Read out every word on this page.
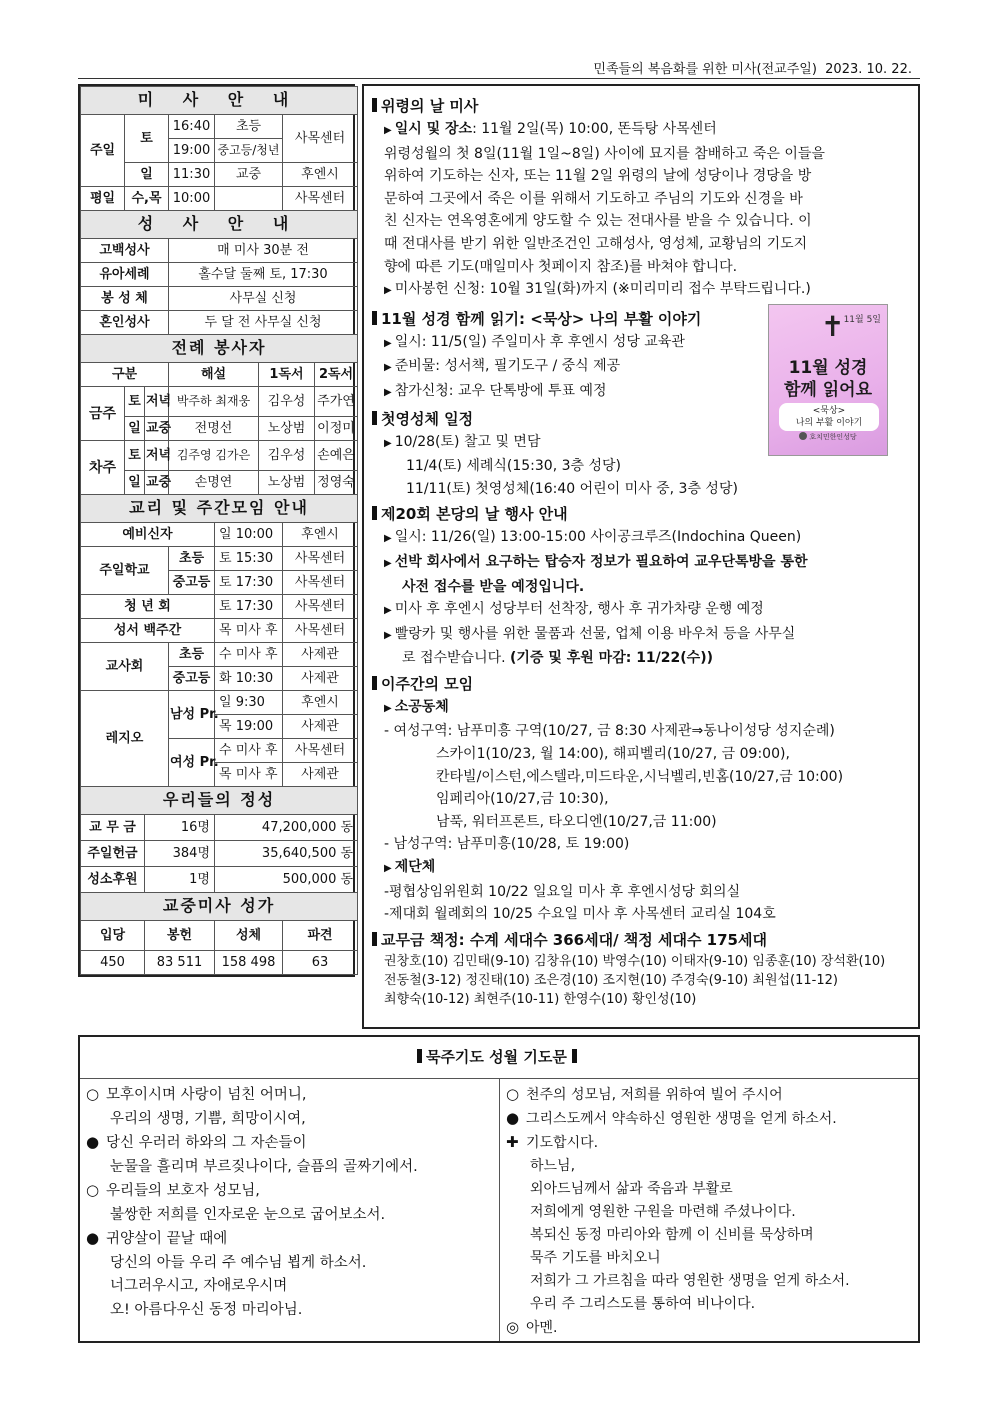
민족들의 복음화를 위한 미사(전교주일) 2023. 10. 22.
미 사 안 내							
주일	토		16:40	초등		사목센터	
			19:00	중고등/청년			
	일		11:30	교중		후엔시	
평일	수,목		10:00			사목센터	
성 사 안 내							
고백성사			매 미사 30분 전				
유아세례			홀수달 둘째 토, 17:30				
봉 성 체			사무실 신청				
혼인성사			두 달 전 사무실 신청				
전례 봉사자							
구분			해설		1독서		2독서
금주	토	저녁	박주하 최재웅		김우성		주가연
	일	교중	전명선		노상범		이정미
차주	토	저녁	김주영 김가은		김우성		손예은
	일	교중	손명연		노상범		정영숙
교리 및 주간모임 안내							
예비신자				일 10:00		후엔시	
주일학교			초등	토 15:30		사목센터	
			중고등	토 17:30		사목센터	
청 년 회				토 17:30		사목센터	
성서 백주간				목 미사 후		사목센터	
교사회			초등	수 미사 후		사제관	
			중고등	화 10:30		사제관	
레지오			남성 Pr.	일 9:30		후엔시	
				목 19:00		사제관	
			여성 Pr.	수 미사 후		사목센터	
				목 미사 후		사제관	
우리들의 정성							
교 무 금		16명		47,200,000 동			
주일헌금		384명		35,640,500 동			
성소후원		1명		500,000 동			
교중미사 성가							
입당		봉헌		성체		파견	
450		83 511		158 498		63	
위령의 날 미사

▶ 일시 및 장소: 11월 2일(목) 10:00, 똔득탕 사목센터

위령성월의 첫 8일(11월 1일~8일) 사이에 묘지를 참배하고 죽은 이들을
위하여 기도하는 신자, 또는 11월 2일 위령의 날에 성당이나 경당을 방
문하여 그곳에서 죽은 이를 위해서 기도하고 주님의 기도와 신경을 바
친 신자는 연옥영혼에게 양도할 수 있는 전대사를 받을 수 있습니다. 이
때 전대사를 받기 위한 일반조건인 고해성사, 영성체, 교황님의 기도지
향에 따른 기도(매일미사 첫페이지 참조)를 바쳐야 합니다.

▶ 미사봉헌 신청: 10월 31일(화)까지 (※미리미리 접수 부탁드립니다.)

11월 성경 함께 읽기: <묵상> 나의 부활 이야기

▶ 일시: 11/5(일) 주일미사 후 후엔시 성당 교육관

▶ 준비물: 성서책, 필기도구 / 중식 제공

▶ 참가신청: 교우 단톡방에 투표 예정

첫영성체 일정

▶ 10/28(토) 찰고 및 면담

11/4(토) 세례식(15:30, 3층 성당)

11/11(토) 첫영성체(16:40 어린이 미사 중, 3층 성당)

제20회 본당의 날 행사 안내

▶ 일시: 11/26(일) 13:00-15:00 사이공크루즈(Indochina Queen)

▶ 선박 회사에서 요구하는 탑승자 정보가 필요하여 교우단톡방을 통한

사전 접수를 받을 예정입니다.

▶ 미사 후 후엔시 성당부터 선착장, 행사 후 귀가차량 운행 예정

▶ 빨랑카 및 행사를 위한 물품과 선물, 업체 이용 바우처 등을 사무실

로 접수받습니다. (기증 및 후원 마감: 11/22(수))

이주간의 모임

▶ 소공동체

- 여성구역: 남푸미흥 구역(10/27, 금 8:30 사제관⇒동나이성당 성지순례)

스카이1(10/23, 월 14:00), 해피벨리(10/27, 금 09:00),

칸타빌/이스턴,에스텔라,미드타운,시닉벨리,빈홈(10/27,금 10:00)

임페리아(10/27,금 10:30),

남푹, 워터프론트, 타오디엔(10/27,금 11:00)

- 남성구역: 남푸미흥(10/28, 토 19:00)

▶ 제단체

-평협상임위원회 10/22 일요일 미사 후 후엔시성당 회의실

-제대회 월례회의 10/25 수요일 미사 후 사목센터 교리실 104호

교무금 책정: 수계 세대수 366세대/ 책정 세대수 175세대

권창호(10) 김민태(9-10) 김창유(10) 박영수(10) 이태자(9-10) 임종훈(10) 장석환(10)
전동철(3-12) 정진태(10) 조은경(10) 조지현(10) 주경숙(9-10) 최원섭(11-12)
최향숙(10-12) 최현주(10-11) 한영수(10) 황인성(10)

11월 5일
✝
11월 성경
함께 읽어요
<묵상>
나의 부활 이야기
호치민한인성당
묵주기도 성월 기도문
○ 모후이시며 사랑이 넘친 어머니,
우리의 생명, 기쁨, 희망이시여,
● 당신 우러러 하와의 그 자손들이
눈물을 흘리며 부르짖나이다, 슬픔의 골짜기에서.
○ 우리들의 보호자 성모님,
불쌍한 저희를 인자로운 눈으로 굽어보소서.
● 귀양살이 끝날 때에
당신의 아들 우리 주 예수님 뵙게 하소서.
너그러우시고, 자애로우시며
오! 아름다우신 동정 마리아님.
○ 천주의 성모님, 저희를 위하여 빌어 주시어
● 그리스도께서 약속하신 영원한 생명을 얻게 하소서.
✚ 기도합시다.
하느님,
외아드님께서 삶과 죽음과 부활로
저희에게 영원한 구원을 마련해 주셨나이다.
복되신 동정 마리아와 함께 이 신비를 묵상하며
묵주 기도를 바치오니
저희가 그 가르침을 따라 영원한 생명을 얻게 하소서.
우리 주 그리스도를 통하여 비나이다.
◎ 아멘.
